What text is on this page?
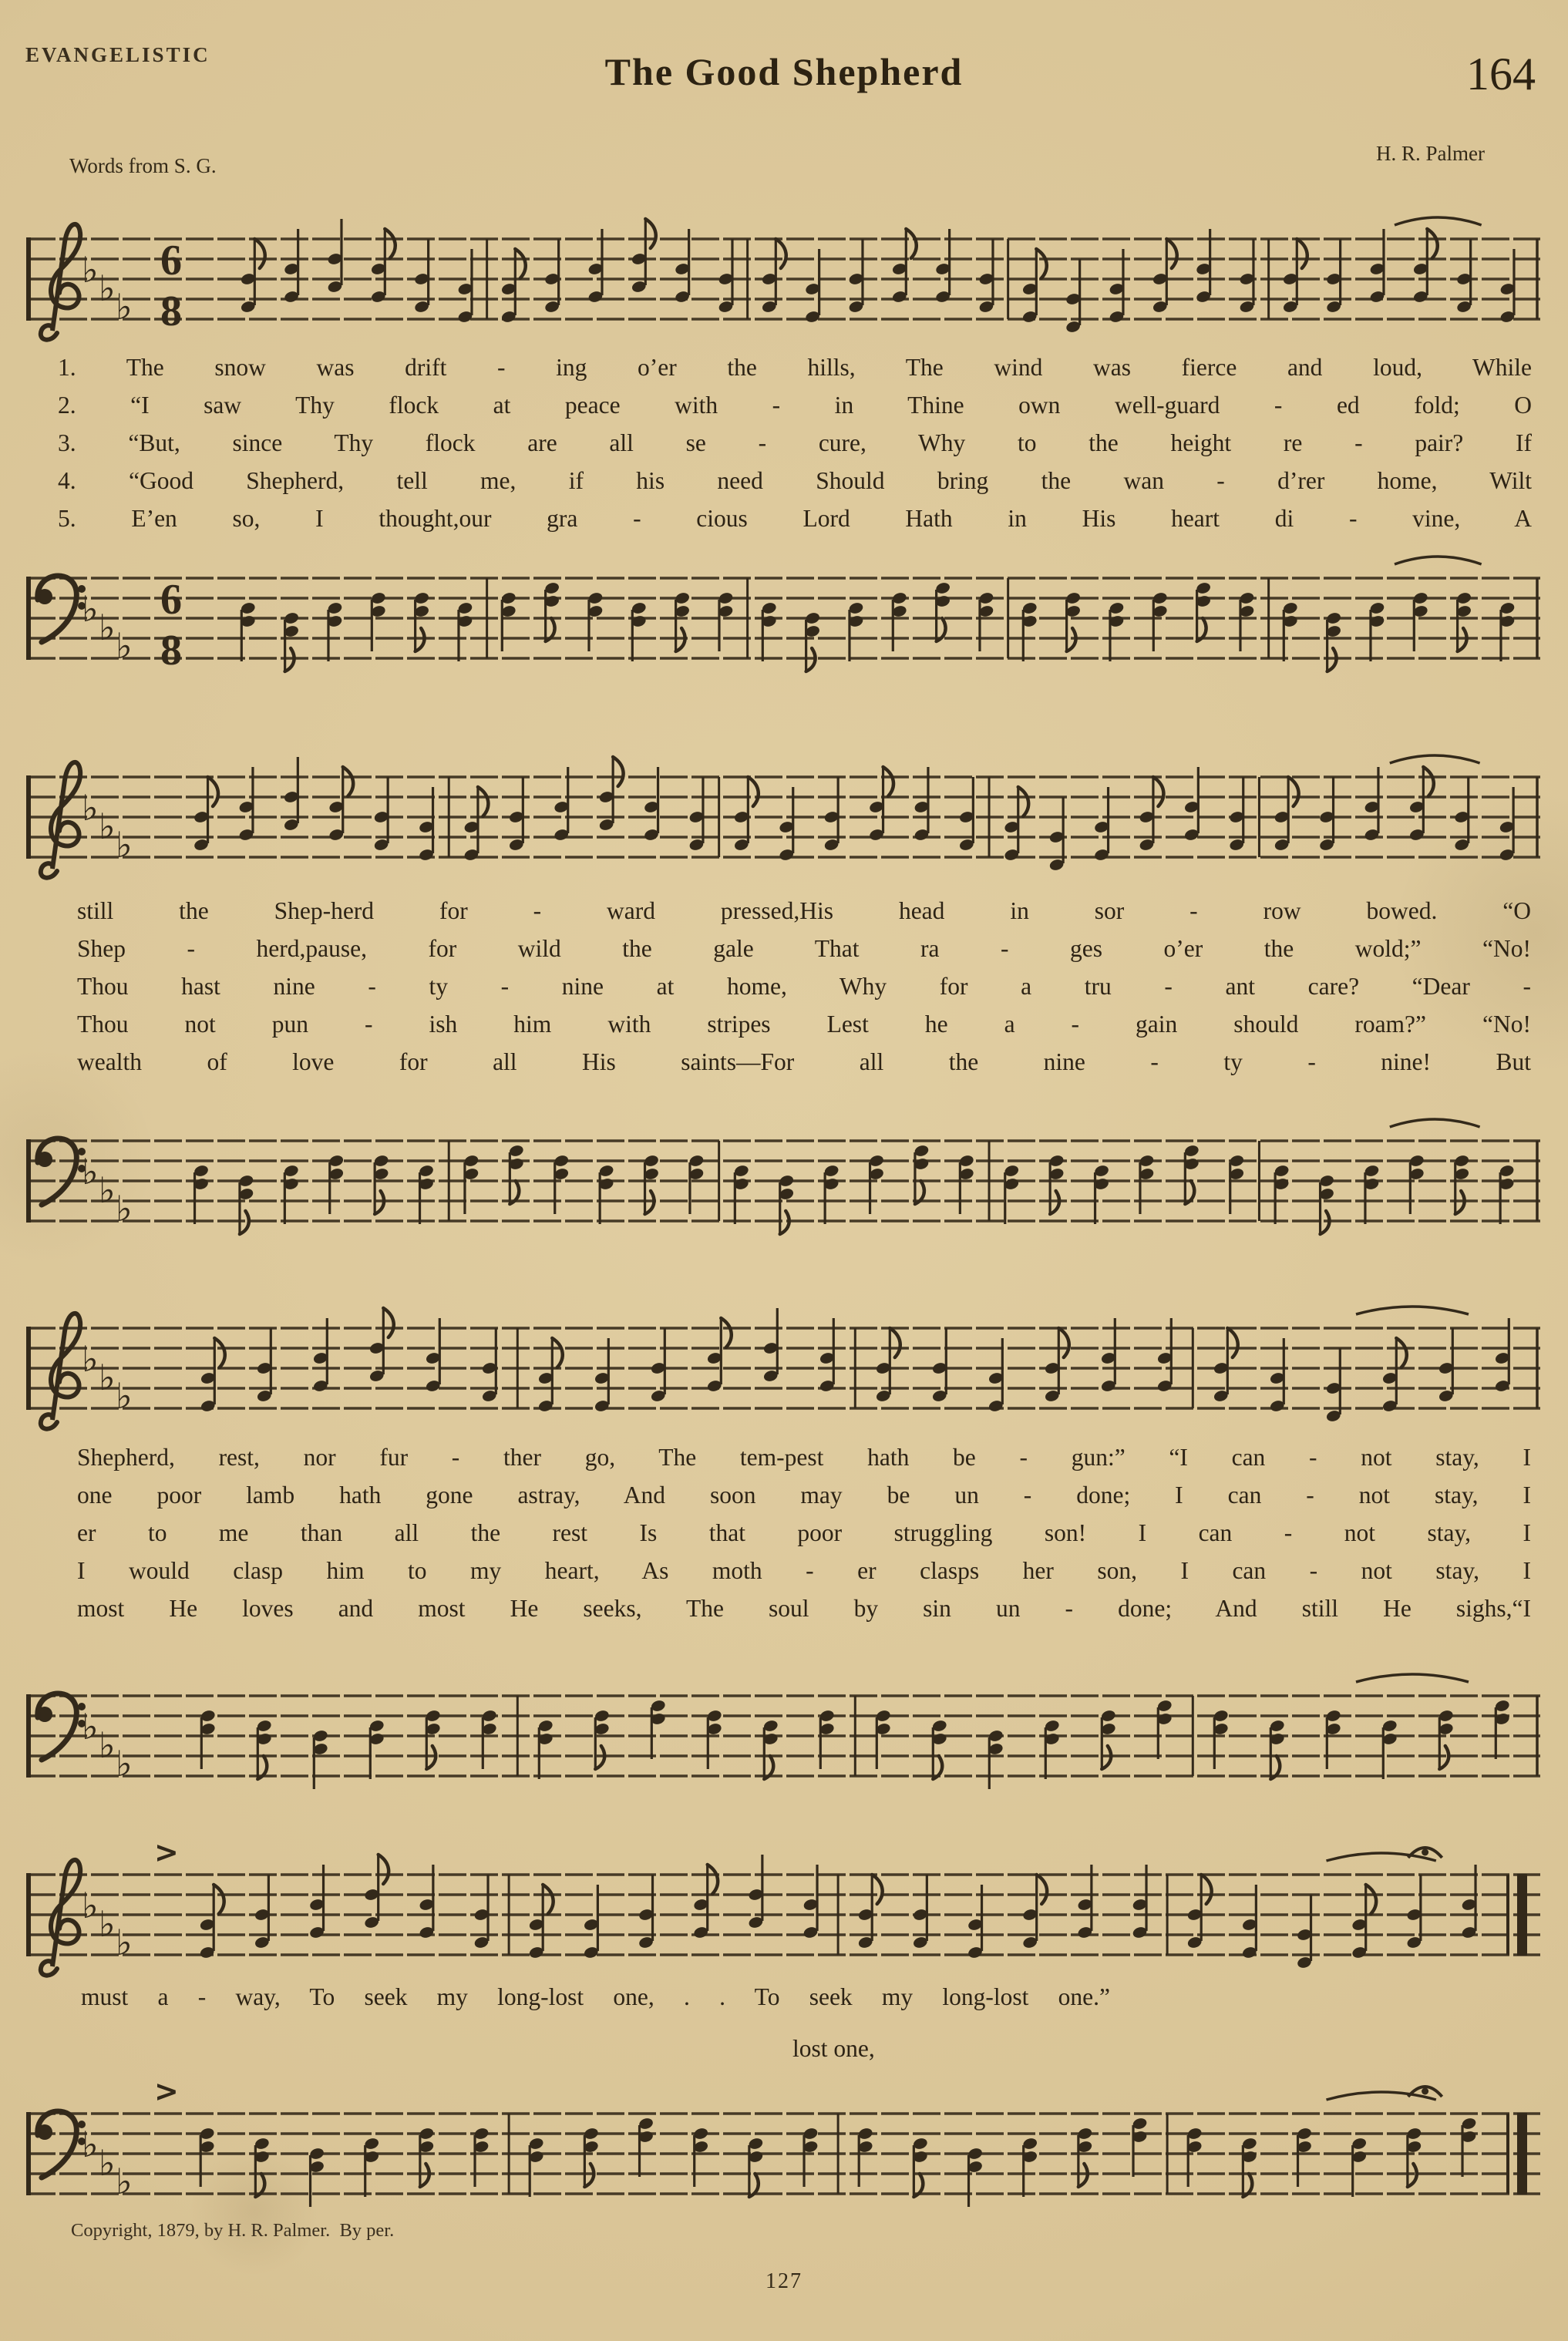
EVANGELISTIC	The Good Shepherd	164
Words from S. G.
H. R. Palmer
♭ ♭ ♭
6
8
1. The snow was drift - ing o’er the hills, The wind was fierce and loud, While
2. “I saw Thy flock at peace with - in Thine own well-guard - ed fold; O
3. “But, since Thy flock are all se - cure, Why to the height re - pair? If
4. “Good Shepherd, tell me, if his need Should bring the wan - d’rer home, Wilt
5. E’en so, I thought,our gra - cious Lord Hath in His heart di - vine, A
♭ ♭ ♭
6
8
♭ ♭ ♭
still the Shep-herd for - ward pressed,His head in sor - row bowed. “O
Shep - herd,pause, for wild the gale That ra - ges o’er the wold;” “No!
Thou hast nine - ty - nine at home, Why for a tru - ant care? “Dear -
Thou not pun - ish him with stripes Lest he a - gain should roam?” “No!
wealth of love for all His saints—For all the nine - ty - nine! But
♭ ♭ ♭
♭ ♭ ♭
Shepherd, rest, nor fur - ther go, The tem-pest hath be - gun:” “I can - not stay, I
one poor lamb hath gone astray, And soon may be un - done; I can - not stay, I
er to me than all the rest Is that poor struggling son! I can - not stay, I
I would clasp him to my heart, As moth - er clasps her son, I can - not stay, I
most He loves and most He seeks, The soul by sin un - done; And still He sighs,“I
♭ ♭ ♭
♭ ♭ ♭
>
must a - way, To seek my long-lost one, . . To seek my long-lost one.”
lost one,
♭ ♭ ♭
>
Copyright, 1879, by H. R. Palmer.  By per.
127
